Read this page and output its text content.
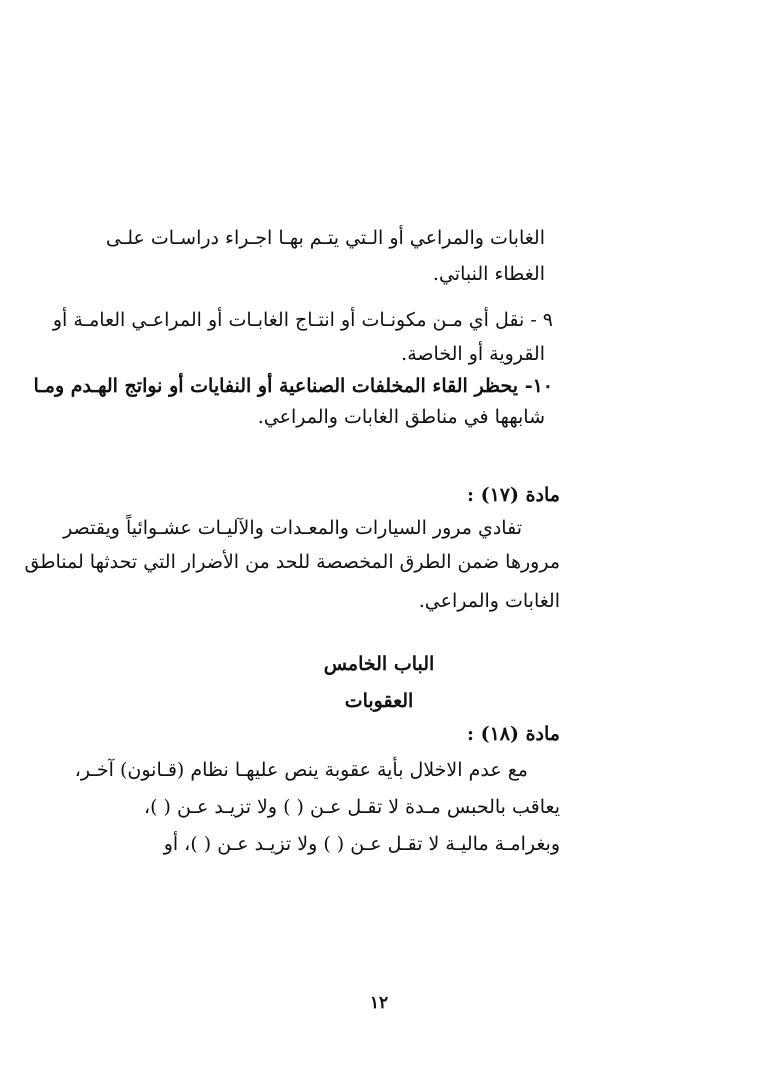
الغابات والمراعي أو الـتي يتـم بهـا اجـراء دراسـات علـى
الغطاء النباتي.
٩ - نقل أي مـن مكونـات أو انتـاج الغابـات أو المراعـي العامـة أو
القروية أو الخاصة.
١٠- يحظر القاء المخلفات الصناعية أو النفايات أو نواتج الهـدم ومـا
شابهها في مناطق الغابات والمراعي.
مادة (١٧) :
تفادي مرور السيارات والمعـدات والآليـات عشـوائياً ويقتصر
مرورها ضمن الطرق المخصصة للحد من الأضرار التي تحدثها لمناطق
الغابات والمراعي.
الباب الخامس
العقوبات
مادة (١٨) :
مع عدم الاخلال بأية عقوبة ينص عليهـا نظام (قـانون) آخـر،
يعاقب بالحبس مـدة لا تقـل عـن ( ) ولا تزيـد عـن ( )،
وبغرامـة ماليـة لا تقـل عـن ( ) ولا تزيـد عـن ( )، أو
١٢
